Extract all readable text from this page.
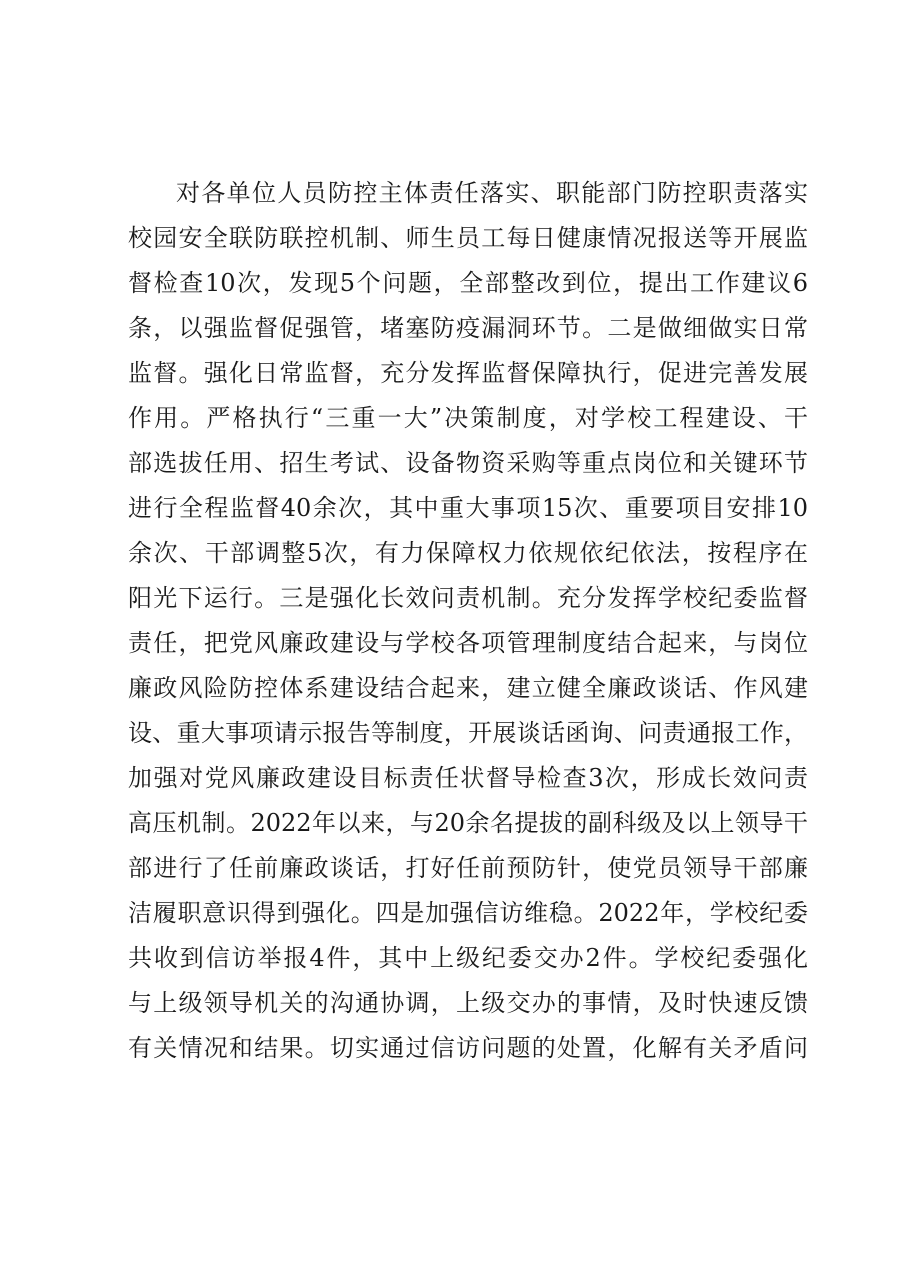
对各单位人员防控主体责任落实、职能部门防控职责落实
校园安全联防联控机制、师生员工每日健康情况报送等开展监
督检查10次，发现5个问题，全部整改到位，提出工作建议6
条，以强监督促强管，堵塞防疫漏洞环节。二是做细做实日常
监督。强化日常监督，充分发挥监督保障执行，促进完善发展
作用。严格执行“三重一大”决策制度，对学校工程建设、干
部选拔任用、招生考试、设备物资采购等重点岗位和关键环节
进行全程监督40余次，其中重大事项15次、重要项目安排10
余次、干部调整5次，有力保障权力依规依纪依法，按程序在
阳光下运行。三是强化长效问责机制。充分发挥学校纪委监督
责任，把党风廉政建设与学校各项管理制度结合起来，与岗位
廉政风险防控体系建设结合起来，建立健全廉政谈话、作风建
设、重大事项请示报告等制度，开展谈话函询、问责通报工作，
加强对党风廉政建设目标责任状督导检查3次，形成长效问责
高压机制。2022年以来，与20余名提拔的副科级及以上领导干
部进行了任前廉政谈话，打好任前预防针，使党员领导干部廉
洁履职意识得到强化。四是加强信访维稳。2022年，学校纪委
共收到信访举报4件，其中上级纪委交办2件。学校纪委强化
与上级领导机关的沟通协调，上级交办的事情，及时快速反馈
有关情况和结果。切实通过信访问题的处置，化解有关矛盾问
